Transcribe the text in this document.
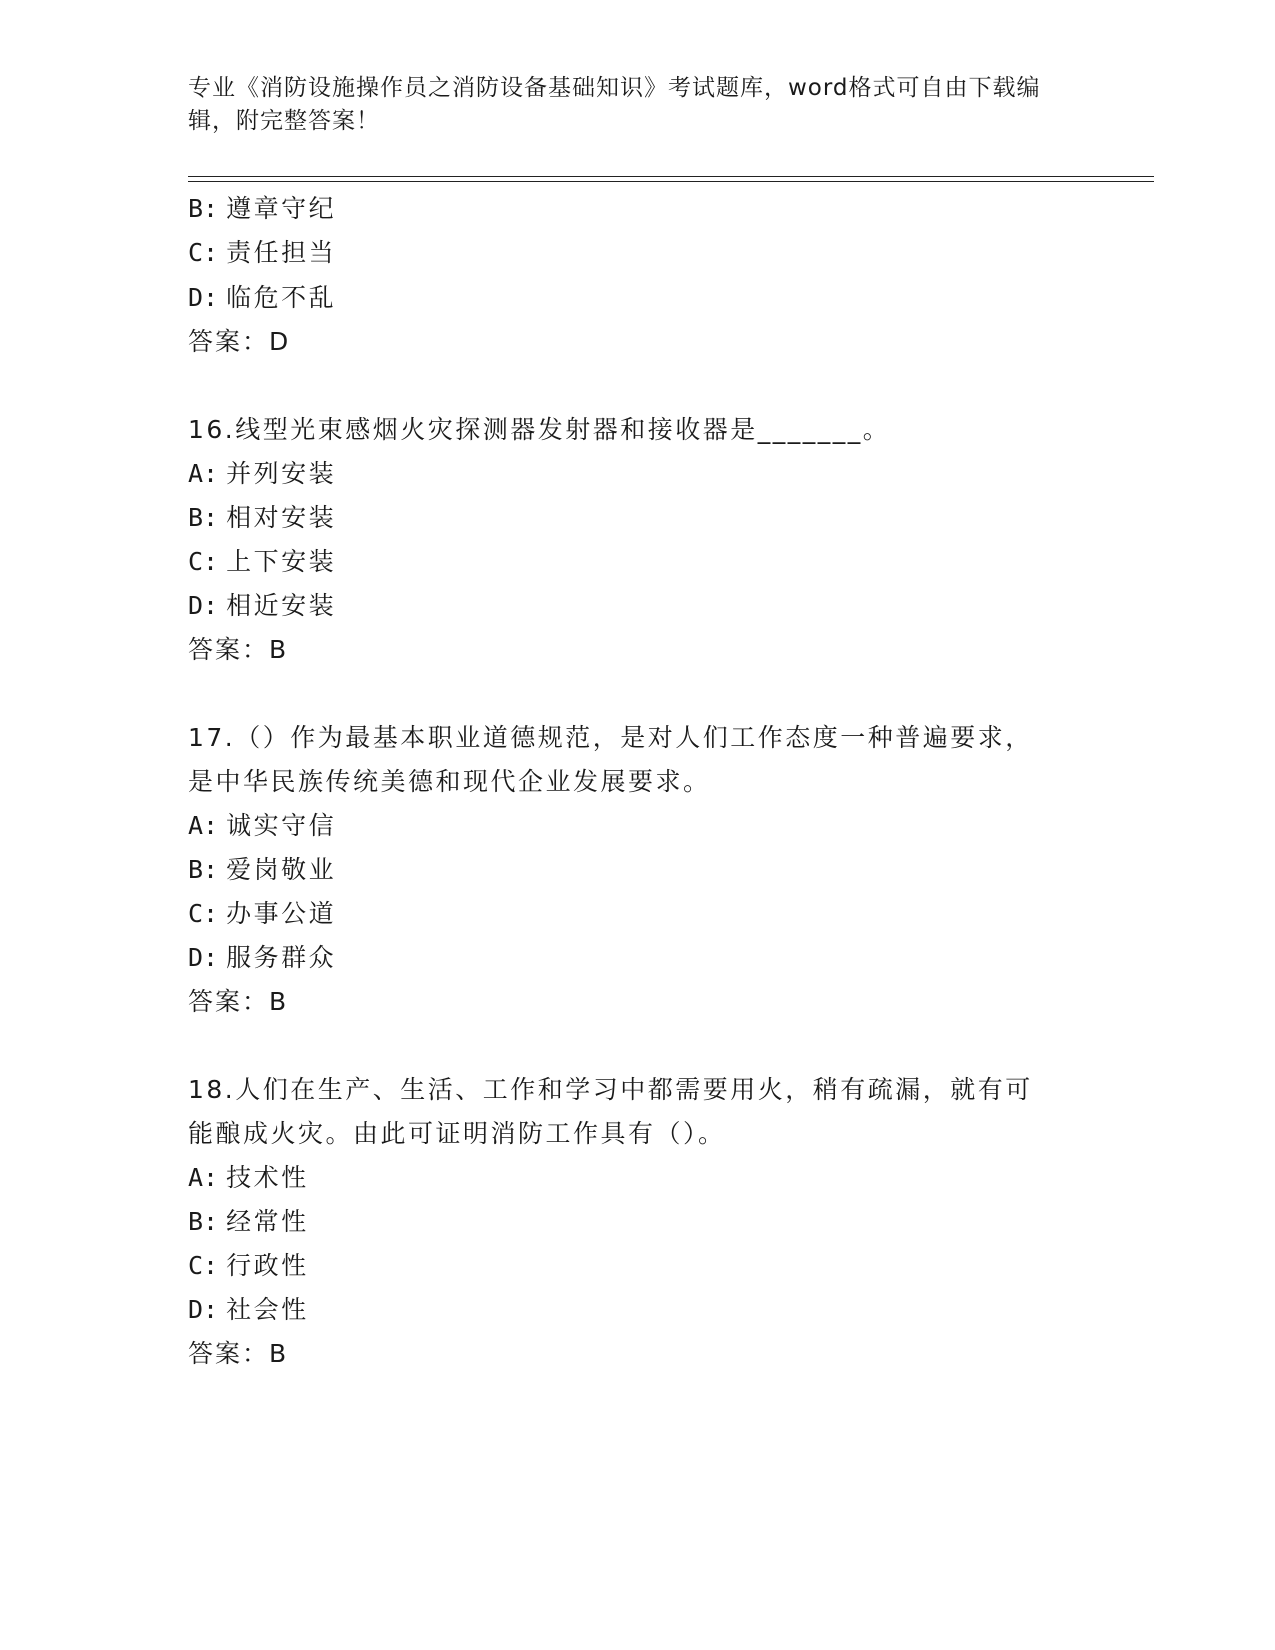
专业《消防设施操作员之消防设备基础知识》考试题库，word格式可自由下载编辑，附完整答案！
B: 遵章守纪
C: 责任担当
D: 临危不乱
答案：D
16.线型光束感烟火灾探测器发射器和接收器是_______。
A: 并列安装
B: 相对安装
C: 上下安装
D: 相近安装
答案：B
17.（）作为最基本职业道德规范，是对人们工作态度一种普遍要求，
是中华民族传统美德和现代企业发展要求。
A: 诚实守信
B: 爱岗敬业
C: 办事公道
D: 服务群众
答案：B
18.人们在生产、生活、工作和学习中都需要用火，稍有疏漏，就有可
能酿成火灾。由此可证明消防工作具有（）。
A: 技术性
B: 经常性
C: 行政性
D: 社会性
答案：B
